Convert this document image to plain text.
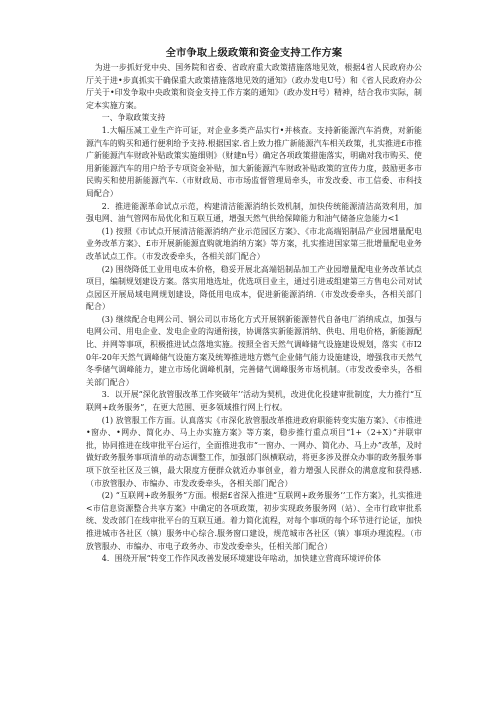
全市争取上级政策和资金支持工作方案

为进一步抓好党中央、国务院和省委、省政府重大政策措施落地见效，根据4省人民政府办公厅关于进•步真抓实干确保重大政策措施落地见效的通知》（政办发电U号）和《省人民政府办公厅关于•印发争取中央政策和资金支持工作方案的通知》（政办发H号）精神，结合我市实际，制定本实施方案。

一、争取政策支持

1.大幅压减工业生产许可证，对企业多类产品实行•并核查。支持新能源汽车消费，对新能源汽车的购买和通行便利给予支持.根据国家.省上致力推广新能源汽车相关政策，扎实推进£市推广新能源汽车财政补贴政策实施细则》（财建n号）确定各项政策措施落实，明确对我市购买、使用新能源汽车的用户给予专项资金补贴，加大新能源汽车财政补贴政策的宣传力度，鼓励更多市民购买和使用新能源汽车.（市财政局、市市场监督管理局牵头，市发改委、市工信委、市科技局配合）

2．推进能源革命试点示范，构建清洁能源消纳长效机制，加快传统能源清洁高效利用，加强电网、油气管网布局优化和互联互通，增强天然气供给保障能力和油气储备应急能力<1

(1) 按照《市试点开展清洁能源消纳产业示范园区方案》、《市北高端铝制品产业园增量配电业务改革方案》、£市开展新能源直购就地消纳方案》等方案，扎实推进国家第三批增量配电业务改革试点工作。（市发改委牵头，各相关部门配合）

(2) 围绕降低工业用电成本价格，稳妥开展北高端铝制品加工产业园增量配电业务改革试点项目，编制规划建设方案。落实用地选址，优选项目业主，通过引进或组建第三方售电公司对试点园区开展局域电网规划建设，降低用电成本，促进新能源消纳.（市发改委牵头，各相关部门配合）

(3) 继续配合电网公司、钢公司以市场化方式开展钢新能源替代自备电厂消纳成点，加强与电网公司、用电企业、发电企业的沟通衔接，协调落实新能源消纳、供电、用电价格，新能源配比、并网等事项，积极推进试点落地实施。按照全省天然气调峰储气设施建设规划，落实《市I20年-20年天然气调峰储气设施方案及统筹推进地方燃气企业储气能力设施建设，增强我市天然气冬季储气调峰能力，建立市场化调峰机制，完善储气调峰服务市场机制。（市发改委牵头，各相关部门配合）

3．以开展“深化放管服改革工作突破年’’活动为契机，改进优化投建审批制度，大力推行“互联网+政务服务”，在更大范围、更多领域推行网上行权。

(1) 放管服工作方面。认真落实《市深化放管服改革推进政府职能转变实施方案》、《市推进•窗办、•网办、简化办、马上办实施方案》等方案，稳步推行重点项目“1+（2+X）”并联审批，协同推进在线审批平台运行，全面推进我市“一窗办、一网办、简化办、马上办”改革，及时做好政务服务事项清单的动态调整工作，加强部门纵横联动，将更多涉及群众办事的政务服务事项下放至社区及三镇，最大限度方便群众就近办事创业，着力增强人民群众的满意度和获得感.（市放管服办、市编办、市发改委牵头，各相关部门配合）

(2) “互联网+政务服务”方面。根据£省深入推进“互联网+政务服务’’工作方案》，扎实推进<市信息资源整合共享方案》中确定的各项政策，初步实现政务服务网（站）、全市行政审批系统、发改部门在线审批平台的互联互通。着力简化流程，对每个事项的每个环节进行论证，加快推进城市各社区（镇）服务中心综合.服务窗口建设，规范城市各社区（镇）事项办理流程。（市放管服办、市编办、市电子政务办、市发改委牵头，任相关部门配合）

4．围绕开展“转变工作作风改善发展环境建设年啥动，加快建立营商环境评价体
